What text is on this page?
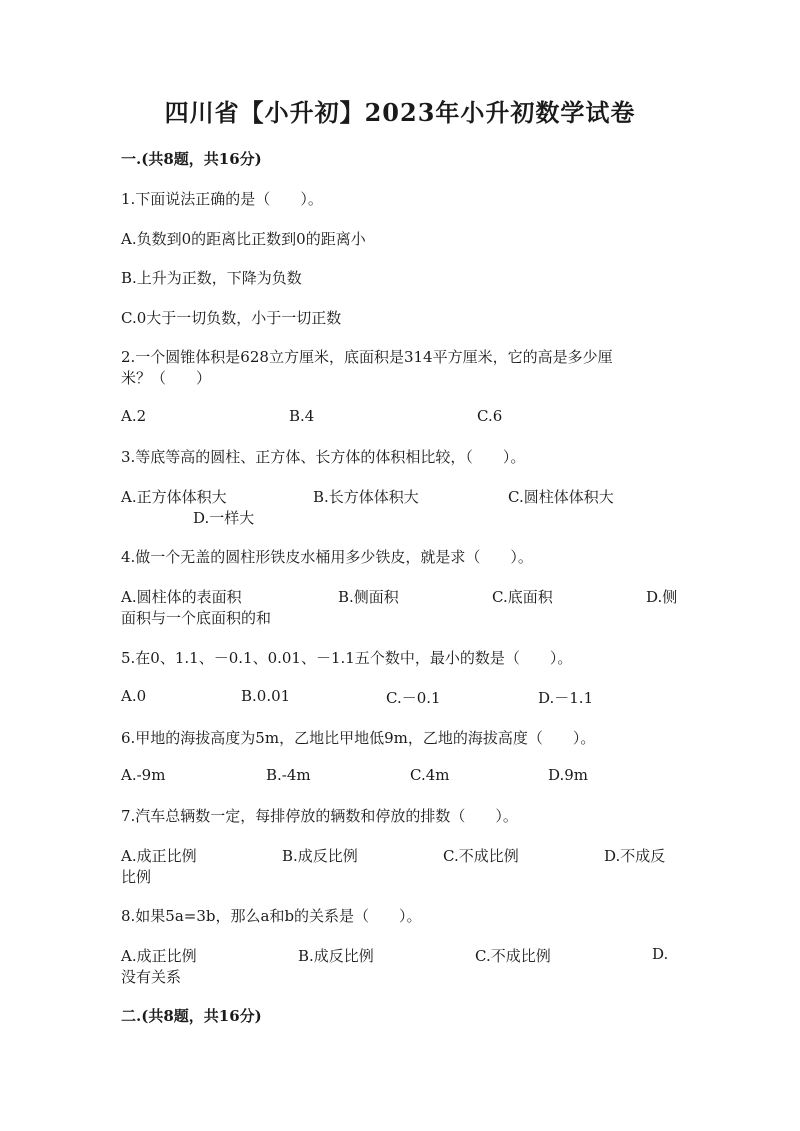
四川省【小升初】2023年小升初数学试卷
一.(共8题，共16分)
1.下面说法正确的是（　　）。
A.负数到0的距离比正数到0的距离小
B.上升为正数，下降为负数
C.0大于一切负数，小于一切正数
2.一个圆锥体积是628立方厘米，底面积是314平方厘米，它的高是多少厘
米？（　　）
A.2	B.4	C.6
3.等底等高的圆柱、正方体、长方体的体积相比较，（　　）。
A.正方体体积大	B.长方体体积大	C.圆柱体体积大
D.一样大
4.做一个无盖的圆柱形铁皮水桶用多少铁皮，就是求（　　）。
A.圆柱体的表面积	B.侧面积	C.底面积	D.侧
面积与一个底面积的和
5.在0、1.1、－0.1、0.01、－1.1五个数中，最小的数是（　　）。
A.0	B.0.01	C.－0.1	D.－1.1
6.甲地的海拔高度为5m，乙地比甲地低9m，乙地的海拔高度（　　）。
A.-9m	B.-4m	C.4m	D.9m
7.汽车总辆数一定，每排停放的辆数和停放的排数（　　）。
A.成正比例	B.成反比例	C.不成比例	D.不成反
比例
8.如果5a=3b，那么a和b的关系是（　　）。
A.成正比例	B.成反比例	C.不成比例	D.
没有关系
二.(共8题，共16分)
